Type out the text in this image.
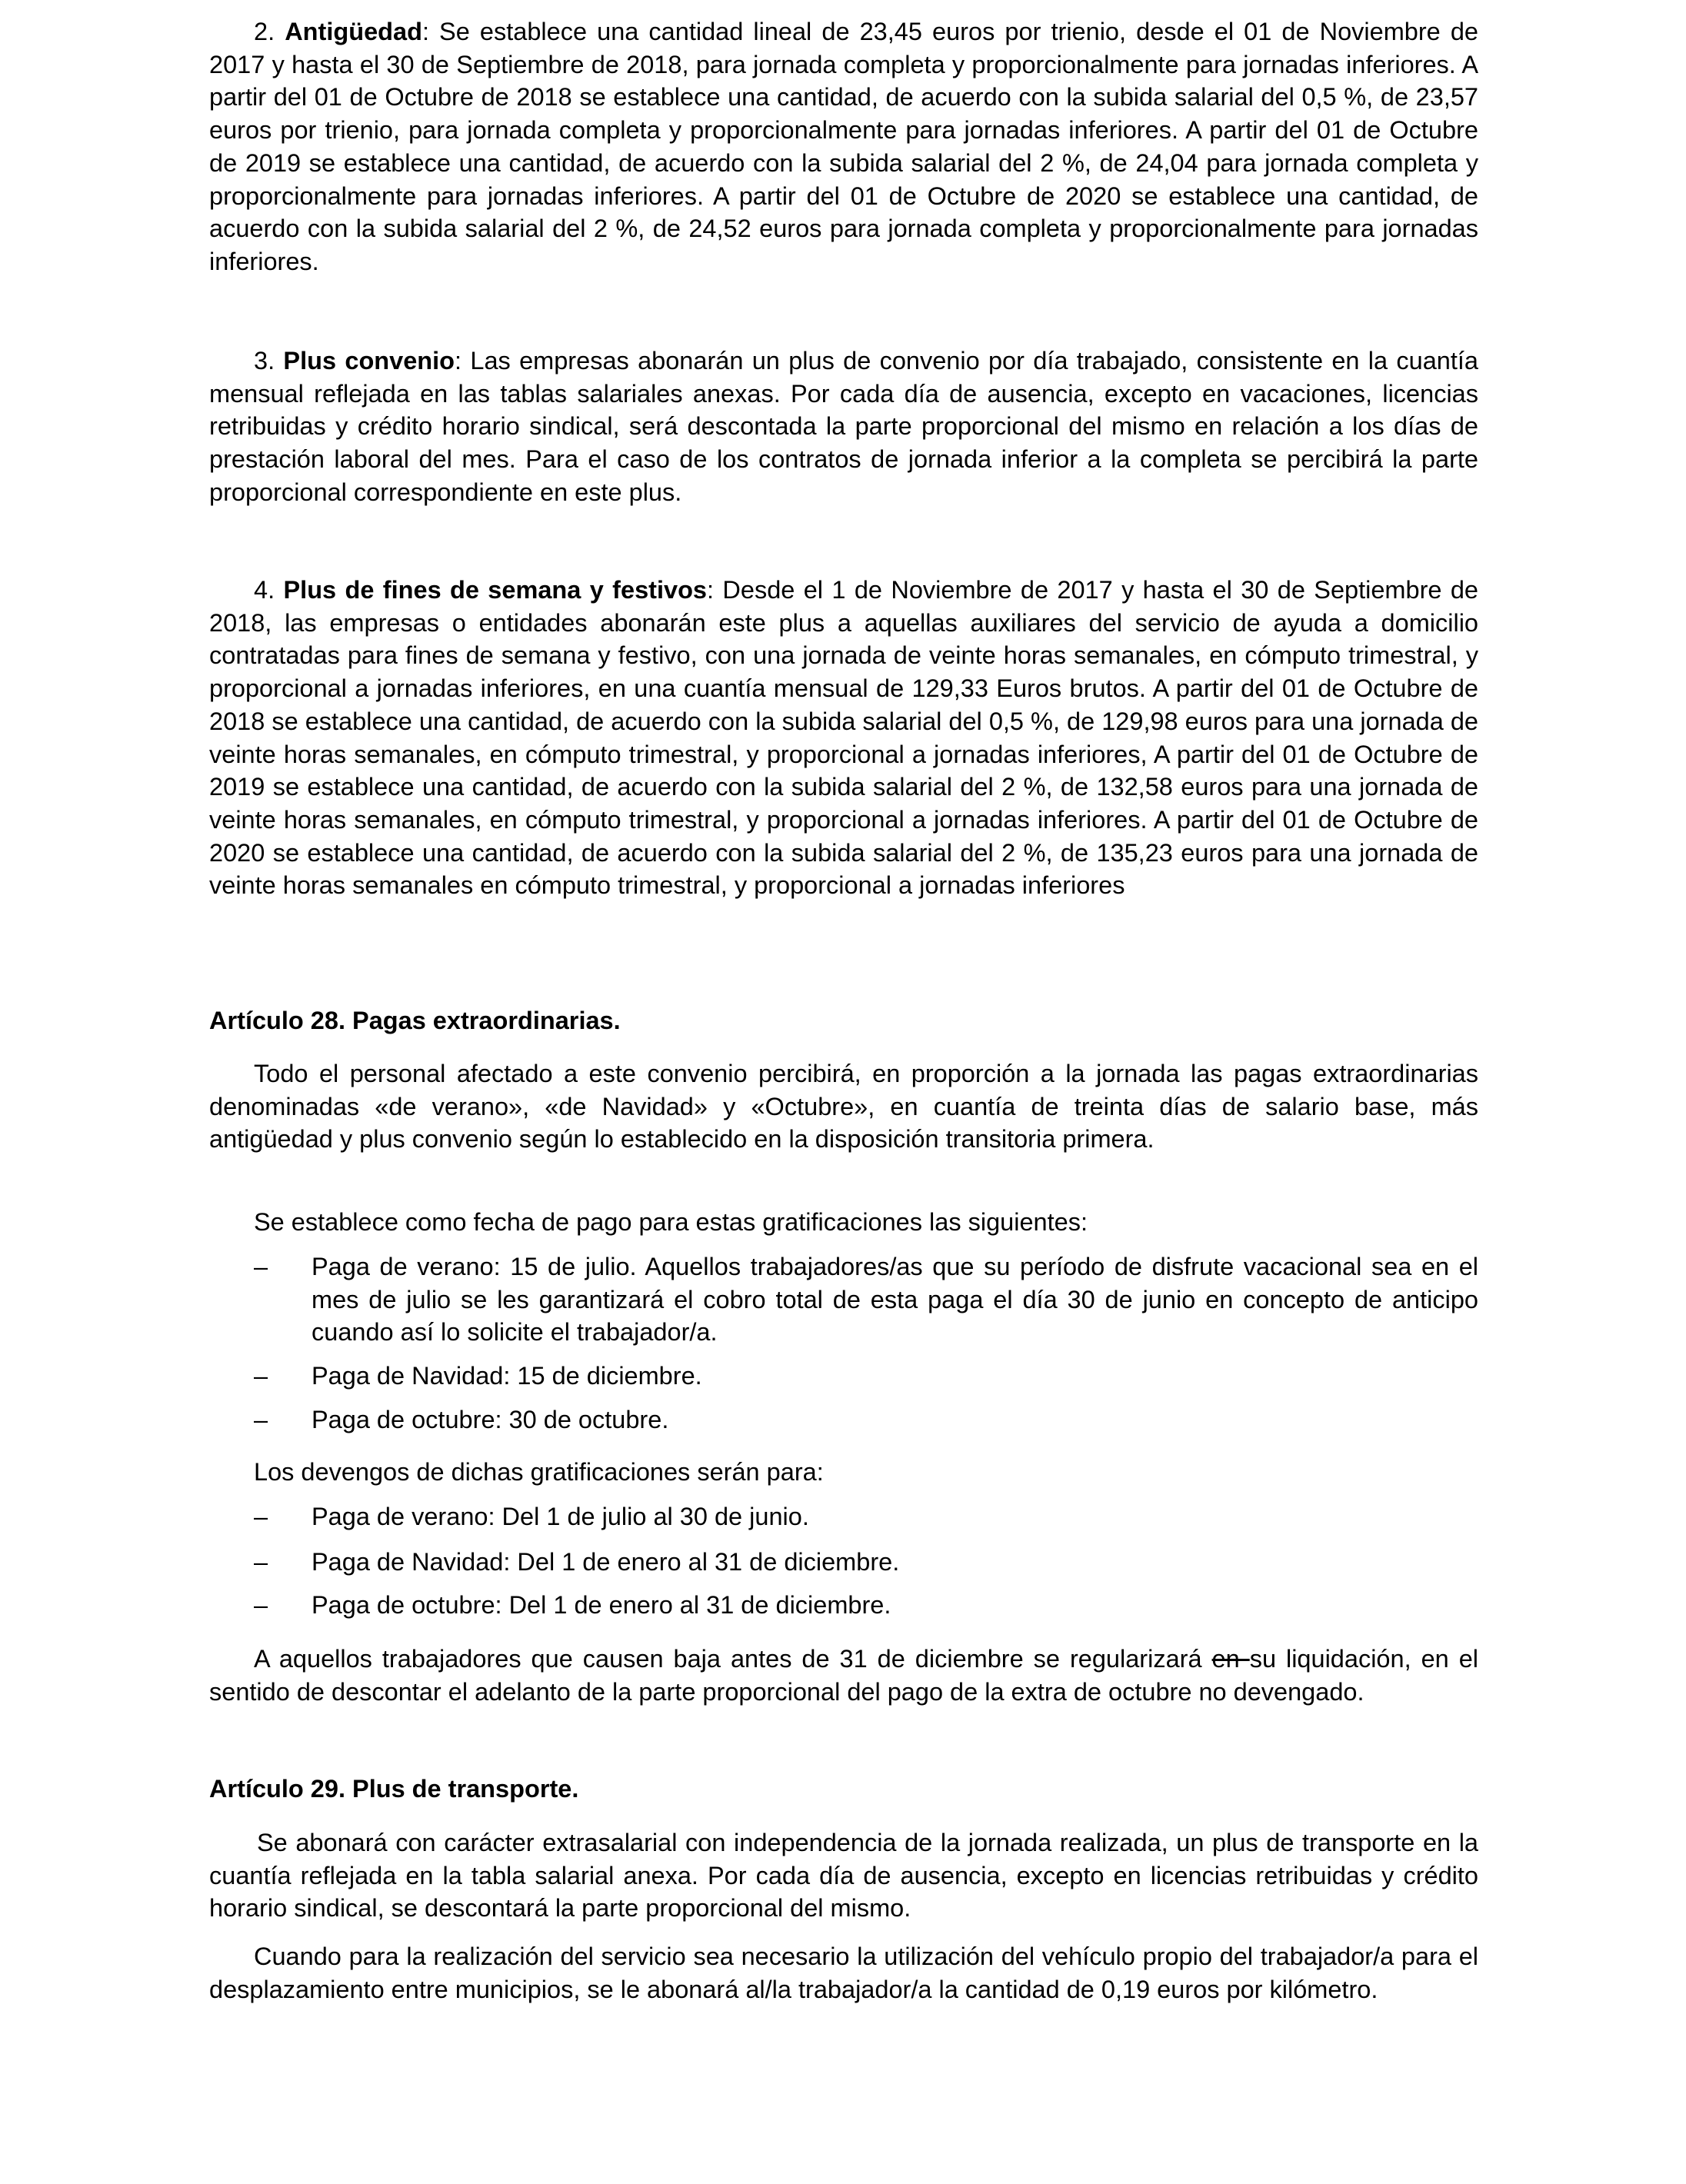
2. Antigüedad: Se establece una cantidad lineal de 23,45 euros por trienio, desde el 01 de Noviembre de 2017 y hasta el 30 de Septiembre de 2018, para jornada completa y proporcionalmente para jornadas inferiores. A partir del 01 de Octubre de 2018 se establece una cantidad, de acuerdo con la subida salarial del 0,5 %, de 23,57 euros por trienio, para jornada completa y proporcionalmente para jornadas inferiores. A partir del 01 de Octubre de 2019 se establece una cantidad, de acuerdo con la subida salarial del 2 %, de 24,04 para jornada completa y proporcionalmente para jornadas inferiores. A partir del 01 de Octubre de 2020 se establece una cantidad, de acuerdo con la subida salarial del 2 %, de 24,52 euros para jornada completa y proporcionalmente para jornadas inferiores.

3. Plus convenio: Las empresas abonarán un plus de convenio por día trabajado, consistente en la cuantía mensual reflejada en las tablas salariales anexas. Por cada día de ausencia, excepto en vacaciones, licencias retribuidas y crédito horario sindical, será descontada la parte proporcional del mismo en relación a los días de prestación laboral del mes. Para el caso de los contratos de jornada inferior a la completa se percibirá la parte proporcional correspondiente en este plus.

4. Plus de fines de semana y festivos: Desde el 1 de Noviembre de 2017 y hasta el 30 de Septiembre de 2018, las empresas o entidades abonarán este plus a aquellas auxiliares del servicio de ayuda a domicilio contratadas para fines de semana y festivo, con una jornada de veinte horas semanales, en cómputo trimestral, y proporcional a jornadas inferiores, en una cuantía mensual de 129,33 Euros brutos. A partir del 01 de Octubre de 2018 se establece una cantidad, de acuerdo con la subida salarial del 0,5 %, de 129,98 euros para una jornada de veinte horas semanales, en cómputo trimestral, y proporcional a jornadas inferiores, A partir del 01 de Octubre de 2019 se establece una cantidad, de acuerdo con la subida salarial del 2 %, de 132,58 euros para una jornada de veinte horas semanales, en cómputo trimestral, y proporcional a jornadas inferiores. A partir del 01 de Octubre de 2020 se establece una cantidad, de acuerdo con la subida salarial del 2 %, de 135,23 euros para una jornada de veinte horas semanales en cómputo trimestral, y proporcional a jornadas inferiores

Artículo 28. Pagas extraordinarias.

Todo el personal afectado a este convenio percibirá, en proporción a la jornada las pagas extraordinarias denominadas «de verano», «de Navidad» y «Octubre», en cuantía de treinta días de salario base, más antigüedad y plus convenio según lo establecido en la disposición transitoria primera.

Se establece como fecha de pago para estas gratificaciones las siguientes:

– Paga de verano: 15 de julio. Aquellos trabajadores/as que su período de disfrute vacacional sea en el mes de julio se les garantizará el cobro total de esta paga el día 30 de junio en concepto de anticipo cuando así lo solicite el trabajador/a.
– Paga de Navidad: 15 de diciembre.
– Paga de octubre: 30 de octubre.

Los devengos de dichas gratificaciones serán para:

– Paga de verano: Del 1 de julio al 30 de junio.
– Paga de Navidad: Del 1 de enero al 31 de diciembre.
– Paga de octubre: Del 1 de enero al 31 de diciembre.

A aquellos trabajadores que causen baja antes de 31 de diciembre se regularizará en su liquidación, en el sentido de descontar el adelanto de la parte proporcional del pago de la extra de octubre no devengado.

Artículo 29. Plus de transporte.

Se abonará con carácter extrasalarial con independencia de la jornada realizada, un plus de transporte en la cuantía reflejada en la tabla salarial anexa. Por cada día de ausencia, excepto en licencias retribuidas y crédito horario sindical, se descontará la parte proporcional del mismo.

Cuando para la realización del servicio sea necesario la utilización del vehículo propio del trabajador/a para el desplazamiento entre municipios, se le abonará al/la trabajador/a la cantidad de 0,19 euros por kilómetro.
